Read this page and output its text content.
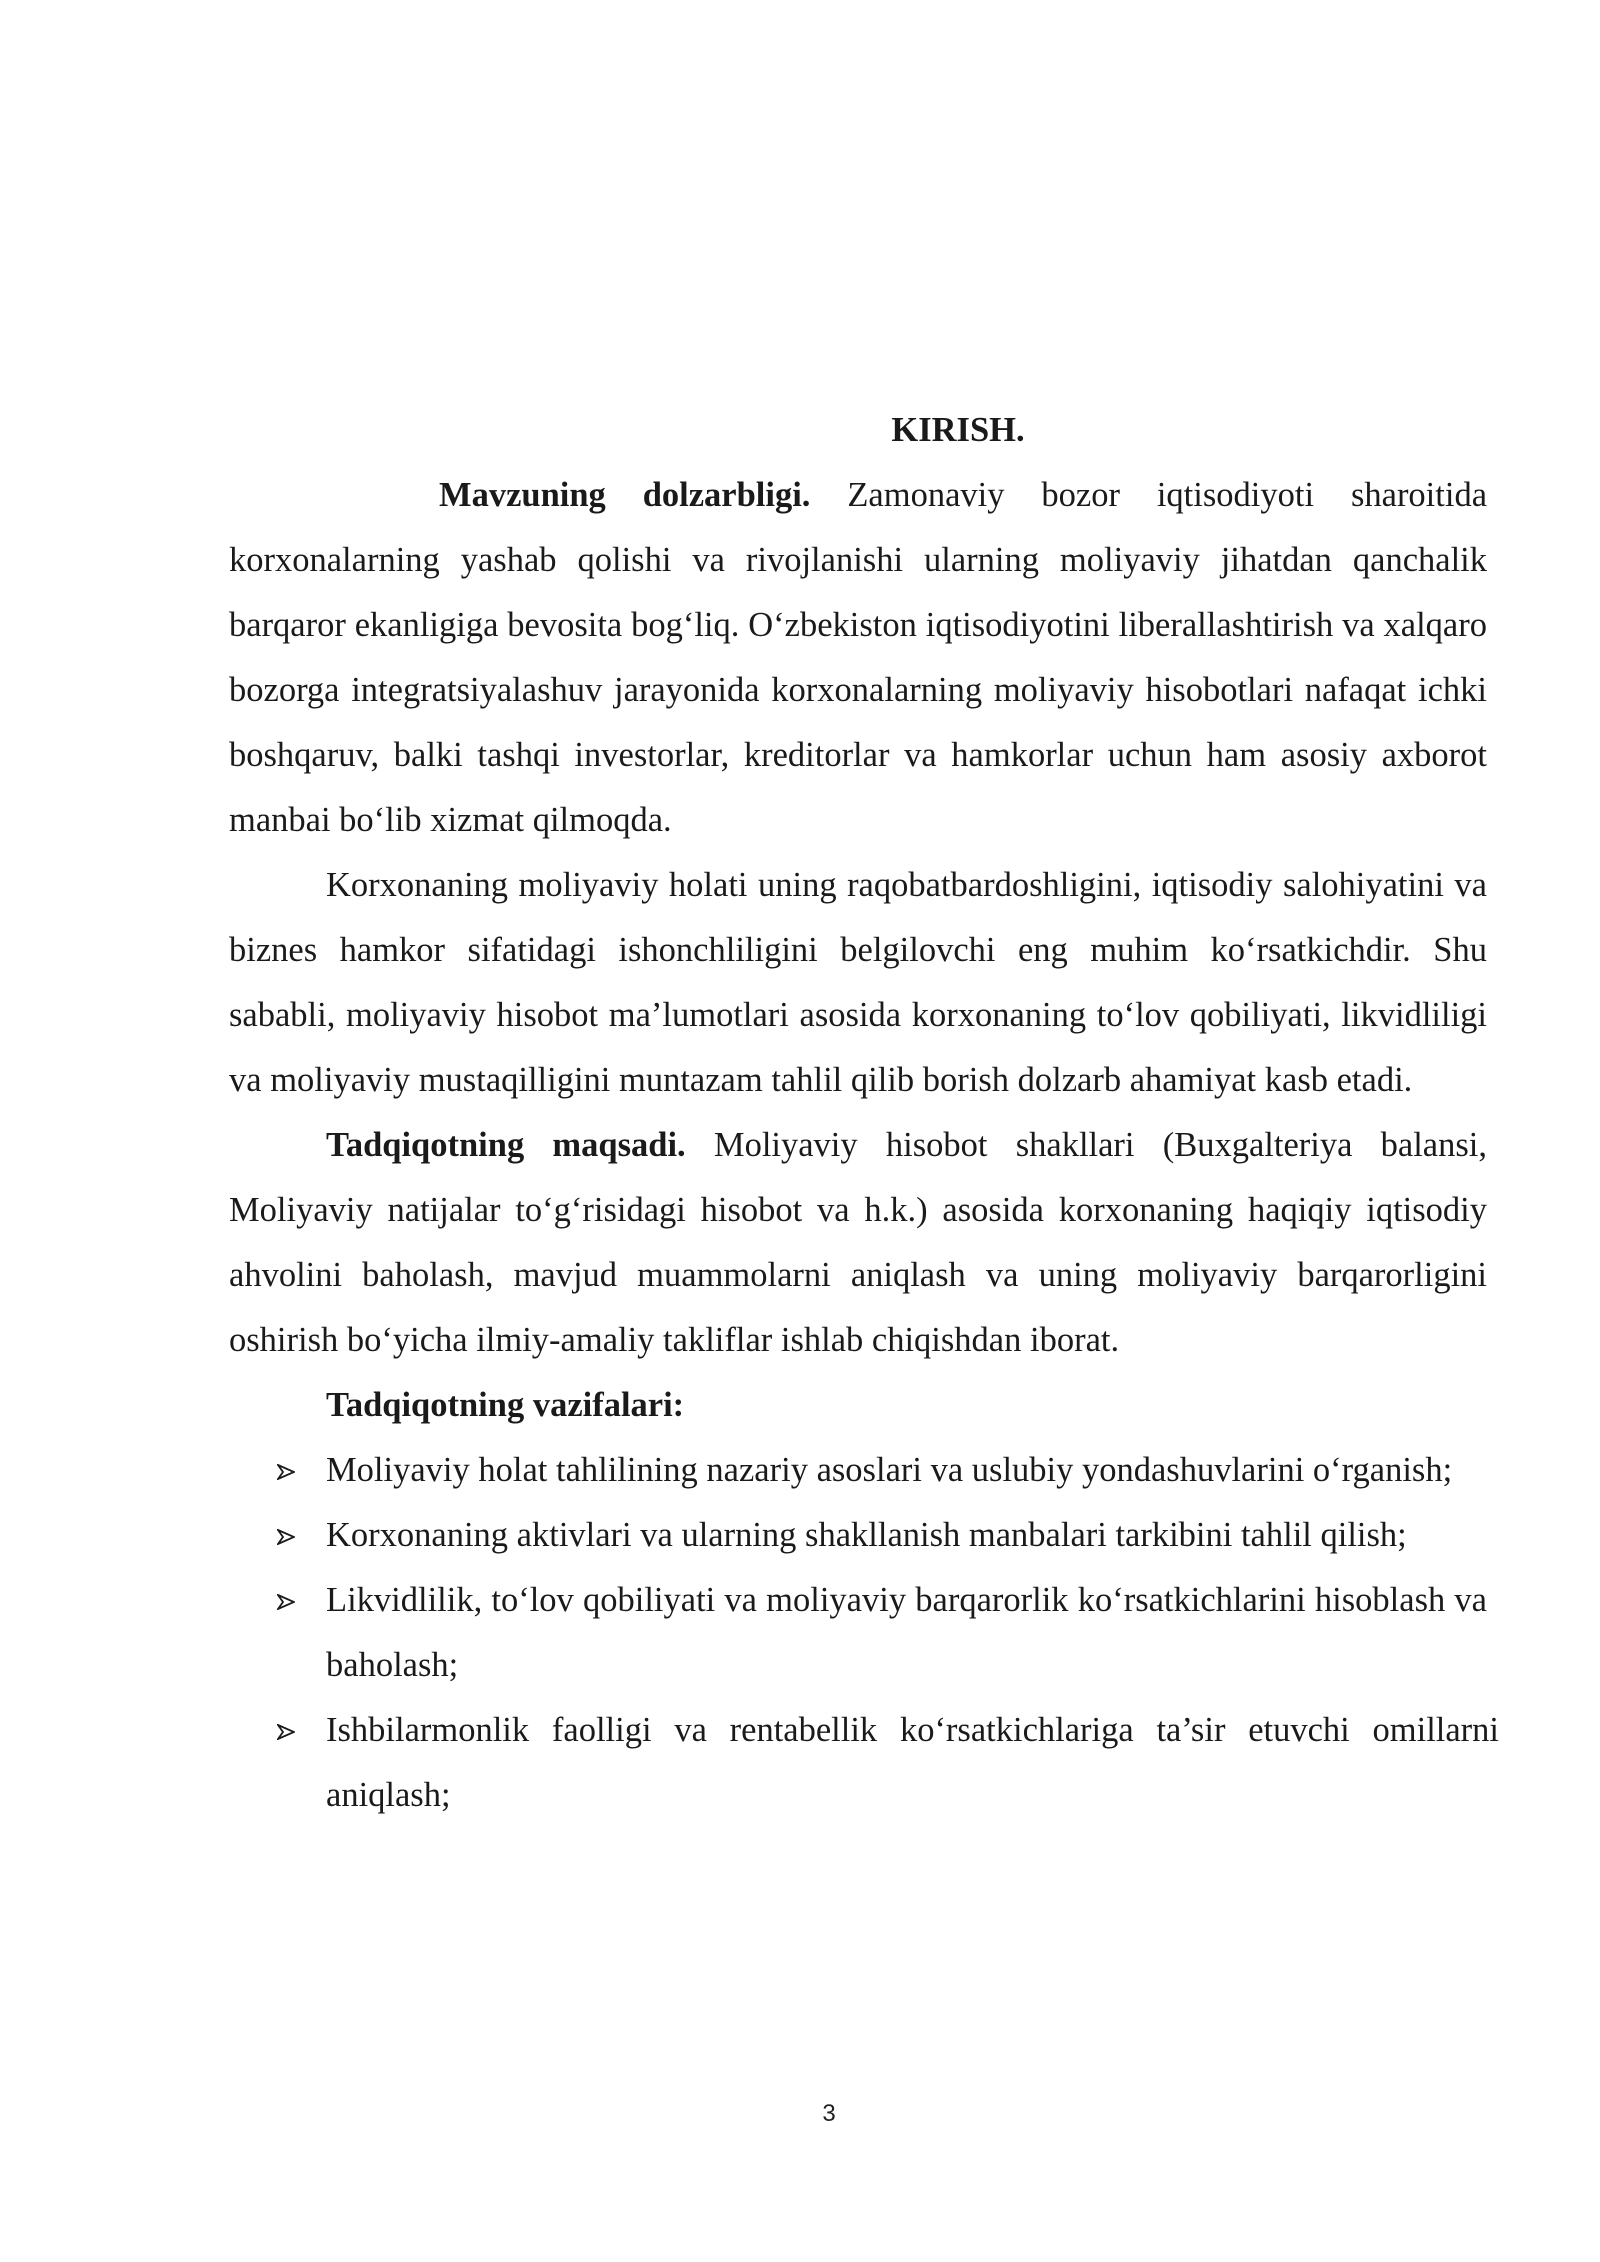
KIRISH.

Mavzuning dolzarbligi. Zamonaviy bozor iqtisodiyoti sharoitida korxonalarning yashab qolishi va rivojlanishi ularning moliyaviy jihatdan qanchalik barqaror ekanligiga bevosita bog‘liq. O‘zbekiston iqtisodiyotini liberallashtirish va xalqaro bozorga integratsiyalashuv jarayonida korxonalarning moliyaviy hisobotlari nafaqat ichki boshqaruv, balki tashqi investorlar, kreditorlar va hamkorlar uchun ham asosiy axborot manbai bo‘lib xizmat qilmoqda.

Korxonaning moliyaviy holati uning raqobatbardoshligini, iqtisodiy salohiyatini va biznes hamkor sifatidagi ishonchliligini belgilovchi eng muhim ko‘rsatkichdir. Shu sababli, moliyaviy hisobot ma’lumotlari asosida korxonaning to‘lov qobiliyati, likvidliligi va moliyaviy mustaqilligini muntazam tahlil qilib borish dolzarb ahamiyat kasb etadi.

Tadqiqotning maqsadi. Moliyaviy hisobot shakllari (Buxgalteriya balansi, Moliyaviy natijalar to‘g‘risidagi hisobot va h.k.) asosida korxonaning haqiqiy iqtisodiy ahvolini baholash, mavjud muammolarni aniqlash va uning moliyaviy barqarorligini oshirish bo‘yicha ilmiy-amaliy takliflar ishlab chiqishdan iborat.

Tadqiqotning vazifalari:

Moliyaviy holat tahlilining nazariy asoslari va uslubiy yondashuvlarini o‘rganish;
Korxonaning aktivlari va ularning shakllanish manbalari tarkibini tahlil qilish;
Likvidlilik, to‘lov qobiliyati va moliyaviy barqarorlik ko‘rsatkichlarini hisoblash va baholash;
Ishbilarmonlik faolligi va rentabellik ko‘rsatkichlariga ta’sir etuvchi omillarni aniqlash;
3
